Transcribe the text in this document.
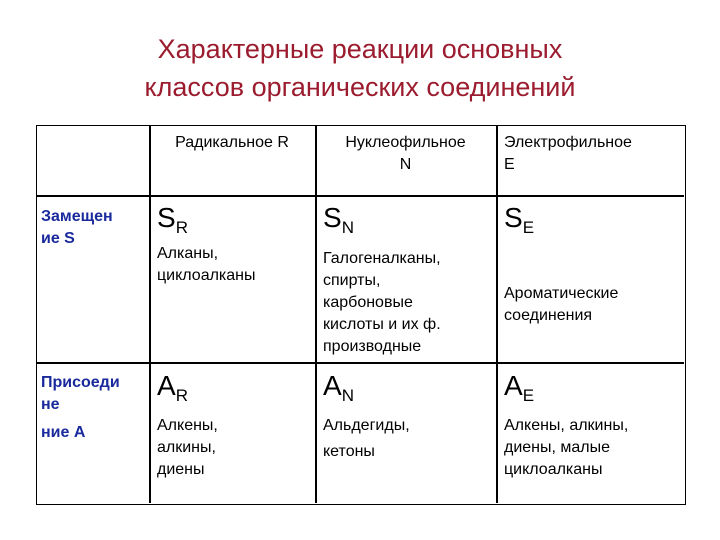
Характерные реакции основных
классов органических соединений
Радикальное R	Нуклеофильное
N
Электрофильное
E
Замещен
ие S
$S_R$
Алканы,
циклоалканы
$S_N$
Галогеналканы,
спирты,
карбоновые
кислоты и их ф.
производные
$S_E$
Ароматические
соединения
Присоеди
не
ние А
$A_R$
Алкены,
алкины,
диены
$A_N$
Альдегиды,
кетоны
$A_E$
Алкены, алкины,
диены, малые
циклоалканы
